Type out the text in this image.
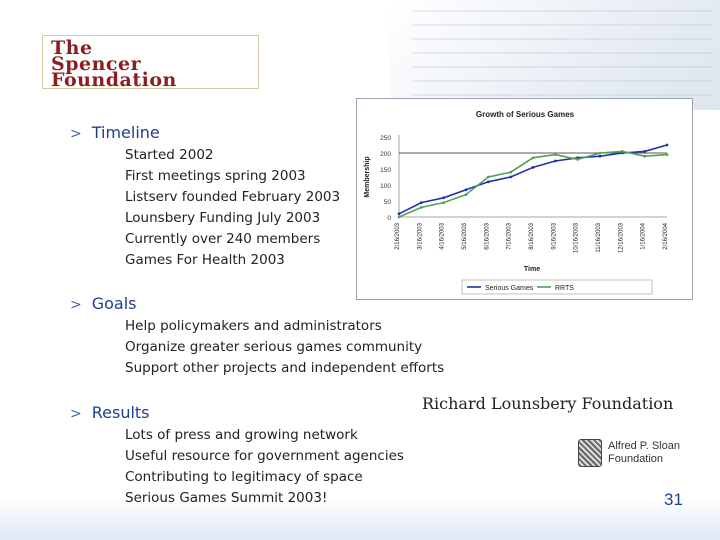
The
Spencer
Foundation
> Timeline
Started 2002
First meetings spring 2003
Listserv founded February 2003
Lounsbery Funding July 2003
Currently over 240 members
Games For Health 2003
> Goals
Help policymakers and administrators
Organize greater serious games community
Support other projects and independent efforts
> Results
Lots of press and growing network
Useful resource for government agencies
Contributing to legitimacy of space
Serious Games Summit 2003!
Growth of Serious Games
Membership
0
50
100
150
200
250
2/16/2003	3/16/2003	4/16/2003	5/16/2003	6/16/2003	7/16/2003	8/16/2003	9/16/2003	10/16/2003	11/16/2003	12/16/2003	1/16/2004	2/16/2004
Time
Serious Games	RRTS
Richard Lounsbery Foundation
Alfred P. Sloan
Foundation
31
